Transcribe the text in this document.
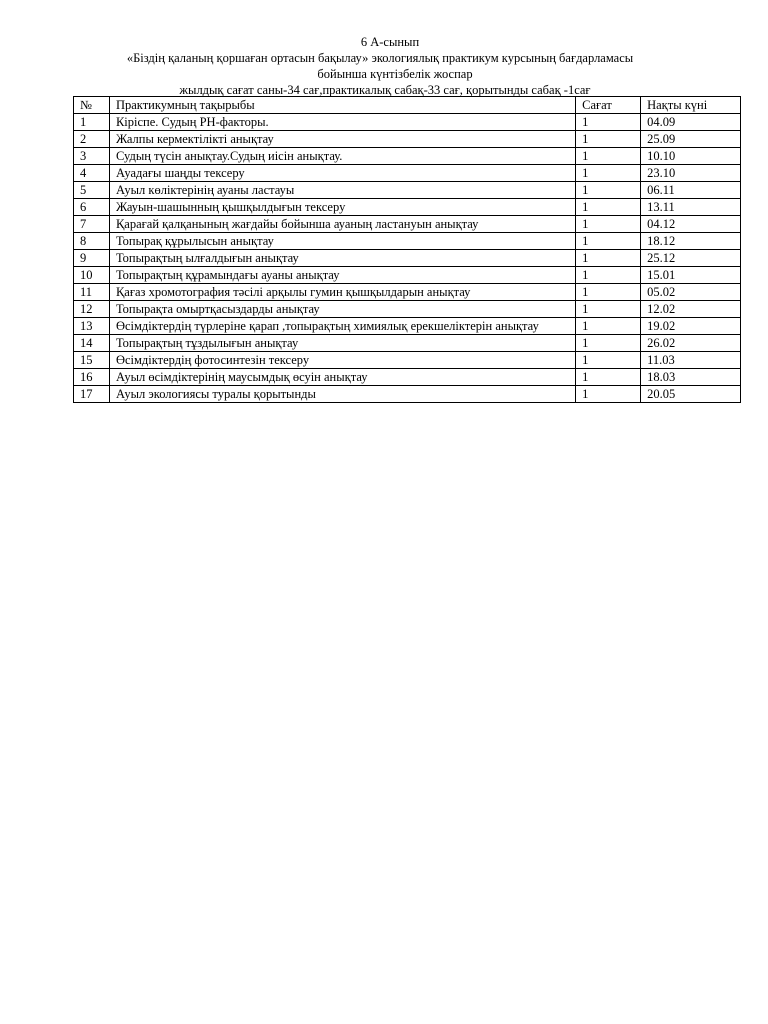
6 А-сынып
«Біздің қаланың қоршаған ортасын бақылау» экологиялық практикум курсының бағдарламасы
бойынша күнтізбелік жоспар
жылдық сағат саны-34 сағ,практикалық сабақ-33 сағ, қорытынды сабақ -1сағ
№	Практикумның тақырыбы	Сағат	Нақты күні
1	Кіріспе. Судың PH-факторы.	1	04.09
2	Жалпы кермектілікті анықтау	1	25.09
3	Судың түсін анықтау.Судың иісін анықтау.	1	10.10
4	Ауадағы шаңды тексеру	1	23.10
5	Ауыл көліктерінің ауаны ластауы	1	06.11
6	Жауын-шашынның қышқылдығын тексеру	1	13.11
7	Қарағай қалқанының жағдайы бойынша ауаның ластануын анықтау	1	04.12
8	Топырақ құрылысын анықтау	1	18.12
9	Топырақтың ылғалдығын анықтау	1	25.12
10	Топырақтың құрамындағы ауаны анықтау	1	15.01
11	Қағаз хромотография тәсілі арқылы гумин қышқылдарын анықтау	1	05.02
12	Топырақта омыртқасыздарды анықтау	1	12.02
13	Өсімдіктердің түрлеріне қарап ,топырақтың химиялық ерекшеліктерін анықтау	1	19.02
14	Топырақтың тұздылығын анықтау	1	26.02
15	Өсімдіктердің фотосинтезін тексеру	1	11.03
16	Ауыл өсімдіктерінің маусымдық өсуін анықтау	1	18.03
17	Ауыл экологиясы туралы қорытынды	1	20.05
